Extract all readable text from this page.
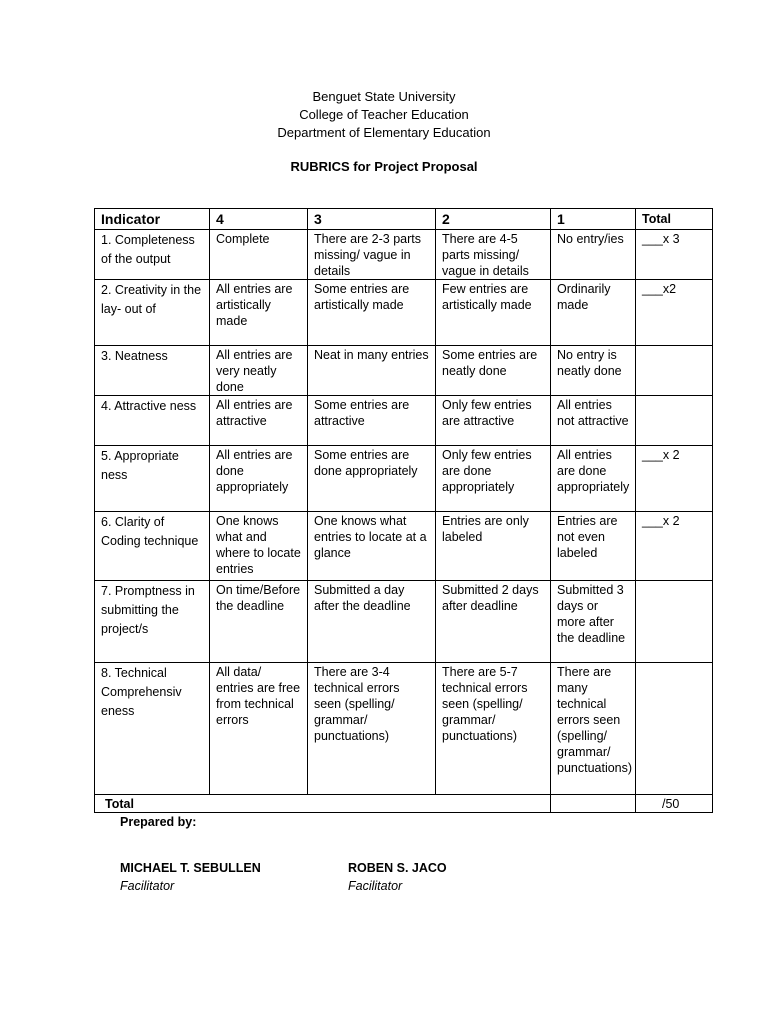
Benguet State University
College of Teacher Education
Department of Elementary Education
RUBRICS for Project Proposal
Indicator	4	3	2	1	Total
1. Completeness of the output	Complete	There are 2-3 parts missing/ vague in details	There are 4-5 parts missing/ vague in details	No entry/ies	___x 3
2. Creativity in the lay- out of	All entries are artistically made	Some entries are artistically made	Few entries are artistically made	Ordinarily made	___x2
3. Neatness	All entries are very neatly done	Neat in many entries	Some entries are neatly done	No entry is neatly done	
4. Attractive ness	All entries are attractive	Some entries are attractive	Only few entries are attractive	All entries not attractive	
5. Appropriate ness	All entries are done appropriately	Some entries are done appropriately	Only few entries are done appropriately	All entries are done appropriately	___x 2
6. Clarity of Coding technique	One knows what and where to locate entries	One knows what entries to locate at a glance	Entries are only labeled	Entries are not even labeled	___x 2
7. Promptness in submitting the project/s	On time/Before the deadline	Submitted a day after the deadline	Submitted 2 days after deadline	Submitted 3 days or more after the deadline	
8. Technical Comprehensiv eness	All data/ entries are free from technical errors	There are 3-4 technical errors seen (spelling/ grammar/ punctuations)	There are 5-7 technical errors seen (spelling/ grammar/ punctuations)	There are many technical errors seen (spelling/ grammar/ punctuations)	
Total					/50
Prepared by:
MICHAEL T. SEBULLEN
Facilitator
ROBEN S. JACO
Facilitator
